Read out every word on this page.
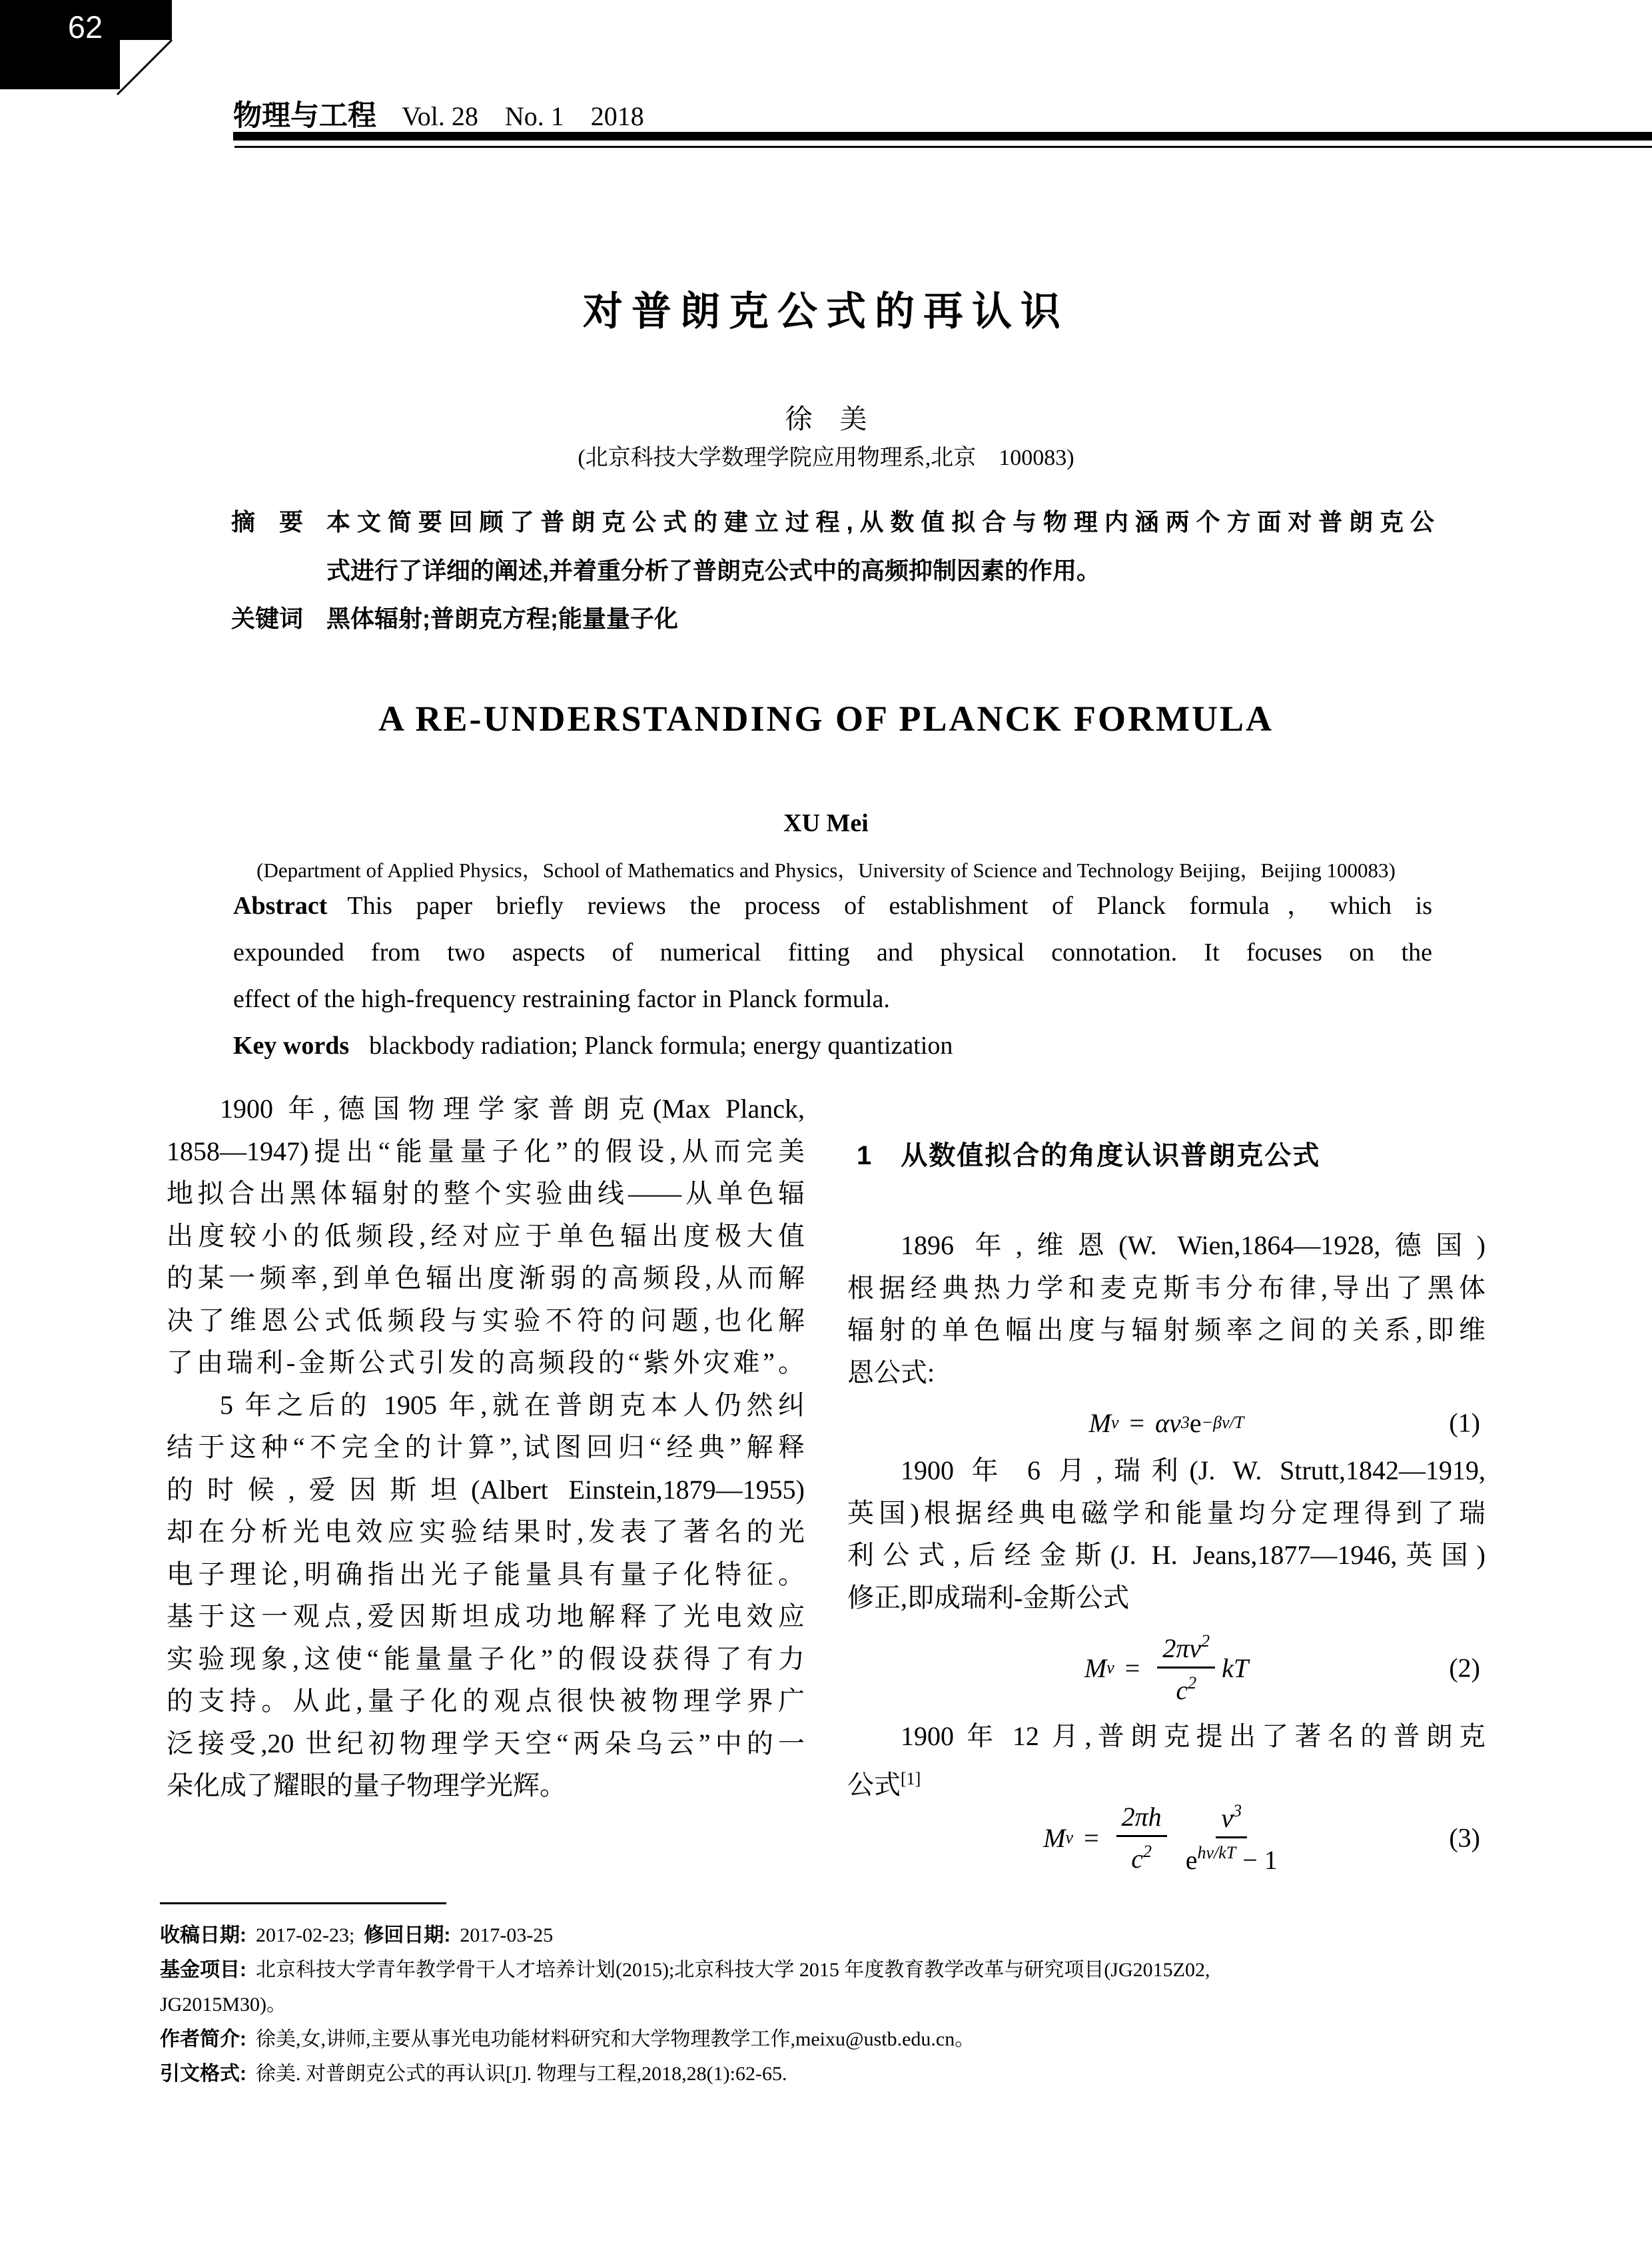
62
物理与工程 Vol. 28　No. 1　2018
对普朗克公式的再认识
徐　美
(北京科技大学数理学院应用物理系,北京　100083)
摘　要 本文简要回顾了普朗克公式的建立过程,从数值拟合与物理内涵两个方面对普朗克公
式进行了详细的阐述,并着重分析了普朗克公式中的高频抑制因素的作用。
关键词 黑体辐射;普朗克方程;能量量子化
A RE-UNDERSTANDING OF PLANCK FORMULA
XU Mei
(Department of Applied Physics，School of Mathematics and Physics，University of Science and Technology Beijing，Beijing 100083)
Abstract This paper briefly reviews the process of establishment of Planck formula，which is
expounded from two aspects of numerical fitting and physical connotation. It focuses on the
effect of the high-frequency restraining factor in Planck formula.
Key words blackbody radiation; Planck formula; energy quantization
1900 年,德国物理学家普朗克(Max Planck,
1858—1947)提出“能量量子化”的假设,从而完美
地拟合出黑体辐射的整个实验曲线——从单色辐
出度较小的低频段,经对应于单色辐出度极大值
的某一频率,到单色辐出度渐弱的高频段,从而解
决了维恩公式低频段与实验不符的问题,也化解
了由瑞利-金斯公式引发的高频段的“紫外灾难”。
5 年之后的 1905 年,就在普朗克本人仍然纠
结于这种“不完全的计算”,试图回归“经典”解释
的时候,爱因斯坦(Albert Einstein,1879—1955)
却在分析光电效应实验结果时,发表了著名的光
电子理论,明确指出光子能量具有量子化特征。
基于这一观点,爱因斯坦成功地解释了光电效应
实验现象,这使“能量量子化”的假设获得了有力
的支持。从此,量子化的观点很快被物理学界广
泛接受,20 世纪初物理学天空“两朵乌云”中的一
朵化成了耀眼的量子物理学光辉。
1　从数值拟合的角度认识普朗克公式
1896 年,维恩(W. Wien,1864—1928,德国)
根据经典热力学和麦克斯韦分布律,导出了黑体
辐射的单色幅出度与辐射频率之间的关系,即维
恩公式:
M ν = αν 3 e −βν/T	(1)
1900 年 6 月,瑞利(J. W. Strutt,1842—1919,
英国)根据经典电磁学和能量均分定理得到了瑞
利公式,后经金斯(J. H. Jeans,1877—1946,英国)
修正,即成瑞利-金斯公式
M $\nu = \frac{2\pi\nu^2}{c^2}$ kT	(2)
1900 年 12 月,普朗克提出了著名的普朗克
公式[1]
M $\nu = \frac{2\pi h}{c^2} \frac{\nu^3}{e^{h\nu/kT} - 1}$	(3)
收稿日期: 2017-02-23; 修回日期: 2017-03-25
基金项目: 北京科技大学青年教学骨干人才培养计划(2015);北京科技大学 2015 年度教育教学改革与研究项目(JG2015Z02,
JG2015M30)。
作者简介: 徐美,女,讲师,主要从事光电功能材料研究和大学物理教学工作,meixu@ustb.edu.cn。
引文格式: 徐美. 对普朗克公式的再认识[J]. 物理与工程,2018,28(1):62-65.
